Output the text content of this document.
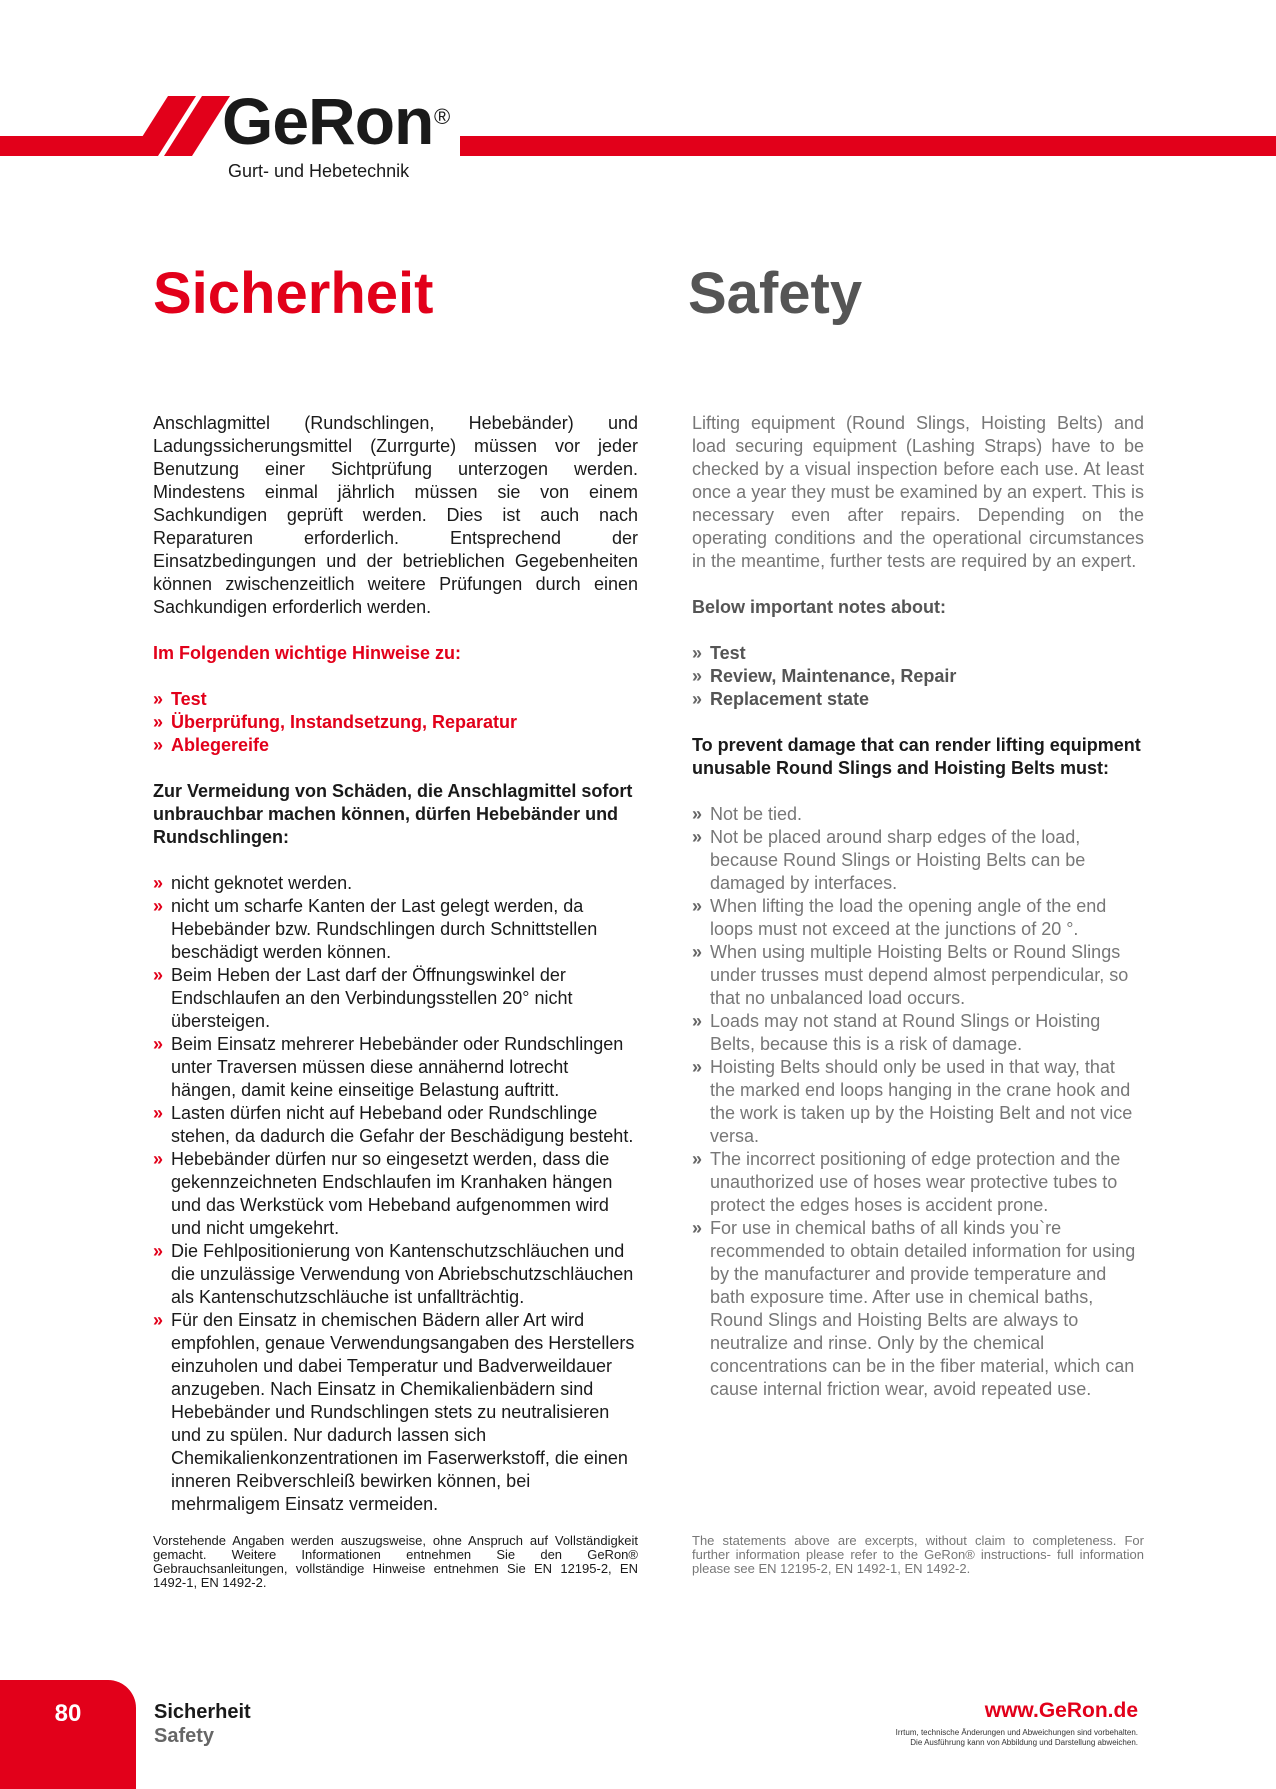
GeRon ®
Gurt- und Hebetechnik
Sicherheit	Safety

Anschlagmittel (Rundschlingen, Hebebänder) und Ladungssicherungsmittel (Zurrgurte) müssen vor jeder Benutzung einer Sichtprüfung unterzogen werden. Mindestens einmal jährlich müssen sie von einem Sachkundigen geprüft werden. Dies ist auch nach Reparaturen erforderlich. Entsprechend der Einsatzbedingungen und der betrieblichen Gegebenheiten können zwischenzeitlich weitere Prüfungen durch einen Sachkundigen erforderlich werden.

Im Folgenden wichtige Hinweise zu:

» Test
» Überprüfung, Instandsetzung, Reparatur
» Ablegereife

Zur Vermeidung von Schäden, die Anschlagmittel sofort unbrauchbar machen können, dürfen Hebebänder und Rundschlingen:

» nicht geknotet werden.
» nicht um scharfe Kanten der Last gelegt werden, da Hebebänder bzw. Rundschlingen durch Schnittstellen beschädigt werden können.
» Beim Heben der Last darf der Öffnungswinkel der Endschlaufen an den Verbindungsstellen 20° nicht übersteigen.
» Beim Einsatz mehrerer Hebebänder oder Rundschlingen unter Traversen müssen diese annähernd lotrecht hängen, damit keine einseitige Belastung auftritt.
» Lasten dürfen nicht auf Hebeband oder Rundschlinge stehen, da dadurch die Gefahr der Beschädigung besteht.
» Hebebänder dürfen nur so eingesetzt werden, dass die gekennzeichneten Endschlaufen im Kranhaken hängen und das Werkstück vom Hebeband aufgenommen wird und nicht umgekehrt.
» Die Fehlpositionierung von Kantenschutzschläuchen und die unzulässige Verwendung von Abriebschutzschläuchen als Kantenschutzschläuche ist unfallträchtig.
» Für den Einsatz in chemischen Bädern aller Art wird empfohlen, genaue Verwendungsangaben des Herstellers einzuholen und dabei Temperatur und Badverweildauer anzugeben. Nach Einsatz in Chemikalienbädern sind Hebebänder und Rundschlingen stets zu neutralisieren und zu spülen. Nur dadurch lassen sich Chemikalienkonzentrationen im Faserwerkstoff, die einen inneren Reibverschleiß bewirken können, bei mehrmaligem Einsatz vermeiden.
Vorstehende Angaben werden auszugsweise, ohne Anspruch auf Vollständigkeit gemacht. Weitere Informationen entnehmen Sie den GeRon® Gebrauchsanleitungen, vollständige Hinweise entnehmen Sie EN 12195-2, EN 1492-1, EN 1492-2.

Lifting equipment (Round Slings, Hoisting Belts) and load securing equipment (Lashing Straps) have to be checked by a visual inspection before each use. At least once a year they must be examined by an expert. This is necessary even after repairs. Depending on the operating conditions and the operational circumstances in the meantime, further tests are required by an expert.

Below important notes about:

» Test
» Review, Maintenance, Repair
» Replacement state

To prevent damage that can render lifting equipment unusable Round Slings and Hoisting Belts must:

» Not be tied.
» Not be placed around sharp edges of the load, because Round Slings or Hoisting Belts can be damaged by interfaces.
» When lifting the load the opening angle of the end loops must not exceed at the junctions of 20 °.
» When using multiple Hoisting Belts or Round Slings under trusses must depend almost perpendicular, so that no unbalanced load occurs.
» Loads may not stand at Round Slings or Hoisting Belts, because this is a risk of damage.
» Hoisting Belts should only be used in that way, that the marked end loops hanging in the crane hook and the work is taken up by the Hoisting Belt and not vice versa.
» The incorrect positioning of edge protection and the unauthorized use of hoses wear protective tubes to protect the edges hoses is accident prone.
» For use in chemical baths of all kinds you`re recommended to obtain detailed information for using by the manufacturer and provide temperature and bath exposure time. After use in chemical baths, Round Slings and Hoisting Belts are always to neutralize and rinse. Only by the chemical concentrations can be in the fiber material, which can cause internal friction wear, avoid repeated use.
The statements above are excerpts, without claim to completeness. For further information please refer to the GeRon® instructions- full information please see EN 12195-2, EN 1492-1, EN 1492-2.
80	Sicherheit
Safety
www.GeRon.de
Irrtum, technische Änderungen und Abweichungen sind vorbehalten.
Die Ausführung kann von Abbildung und Darstellung abweichen.
